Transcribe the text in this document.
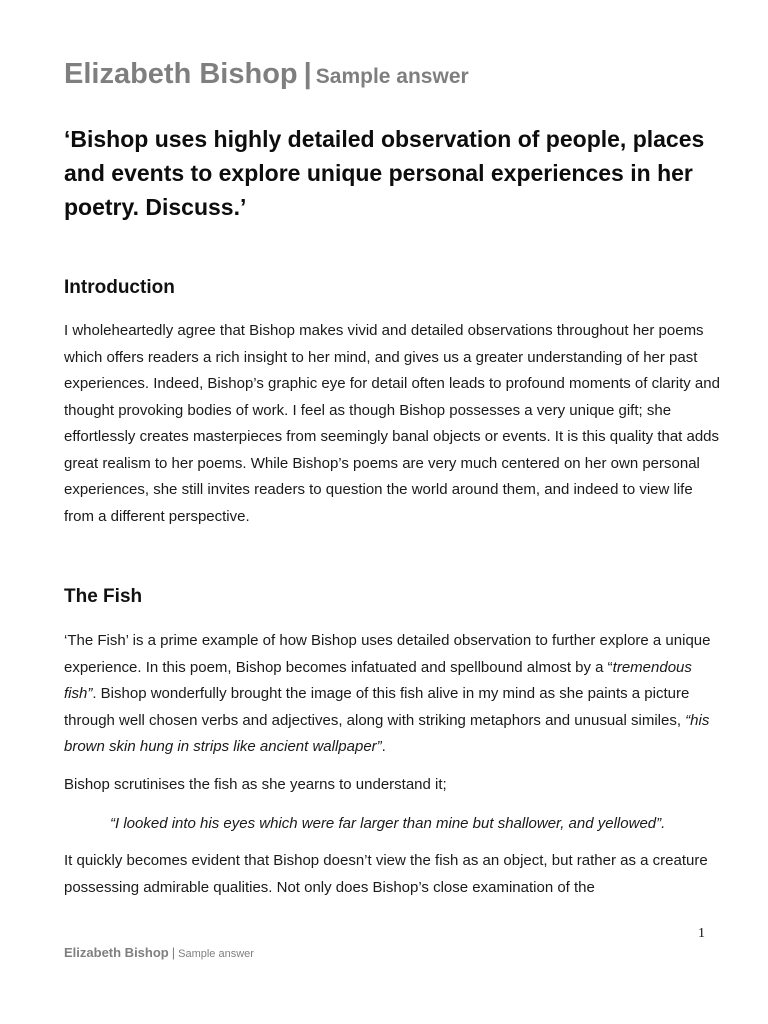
Elizabeth Bishop | Sample answer
‘Bishop uses highly detailed observation of people, places and events to explore unique personal experiences in her poetry. Discuss.’
Introduction

I wholeheartedly agree that Bishop makes vivid and detailed observations throughout her poems which offers readers a rich insight to her mind, and gives us a greater understanding of her past experiences. Indeed, Bishop’s graphic eye for detail often leads to profound moments of clarity and thought provoking bodies of work. I feel as though Bishop possesses a very unique gift; she effortlessly creates masterpieces from seemingly banal objects or events. It is this quality that adds great realism to her poems. While Bishop’s poems are very much centered on her own personal experiences, she still invites readers to question the world around them, and indeed to view life from a different perspective.

The Fish

‘The Fish’ is a prime example of how Bishop uses detailed observation to further explore a unique experience. In this poem, Bishop becomes infatuated and spellbound almost by a “tremendous fish”. Bishop wonderfully brought the image of this fish alive in my mind as she paints a picture through well chosen verbs and adjectives, along with striking metaphors and unusual similes, “his brown skin hung in strips like ancient wallpaper”.

Bishop scrutinises the fish as she yearns to understand it;

“I looked into his eyes which were far larger than mine but shallower, and yellowed”.

It quickly becomes evident that Bishop doesn’t view the fish as an object, but rather as a creature possessing admirable qualities. Not only does Bishop’s close examination of the

1
Elizabeth Bishop | Sample answer
